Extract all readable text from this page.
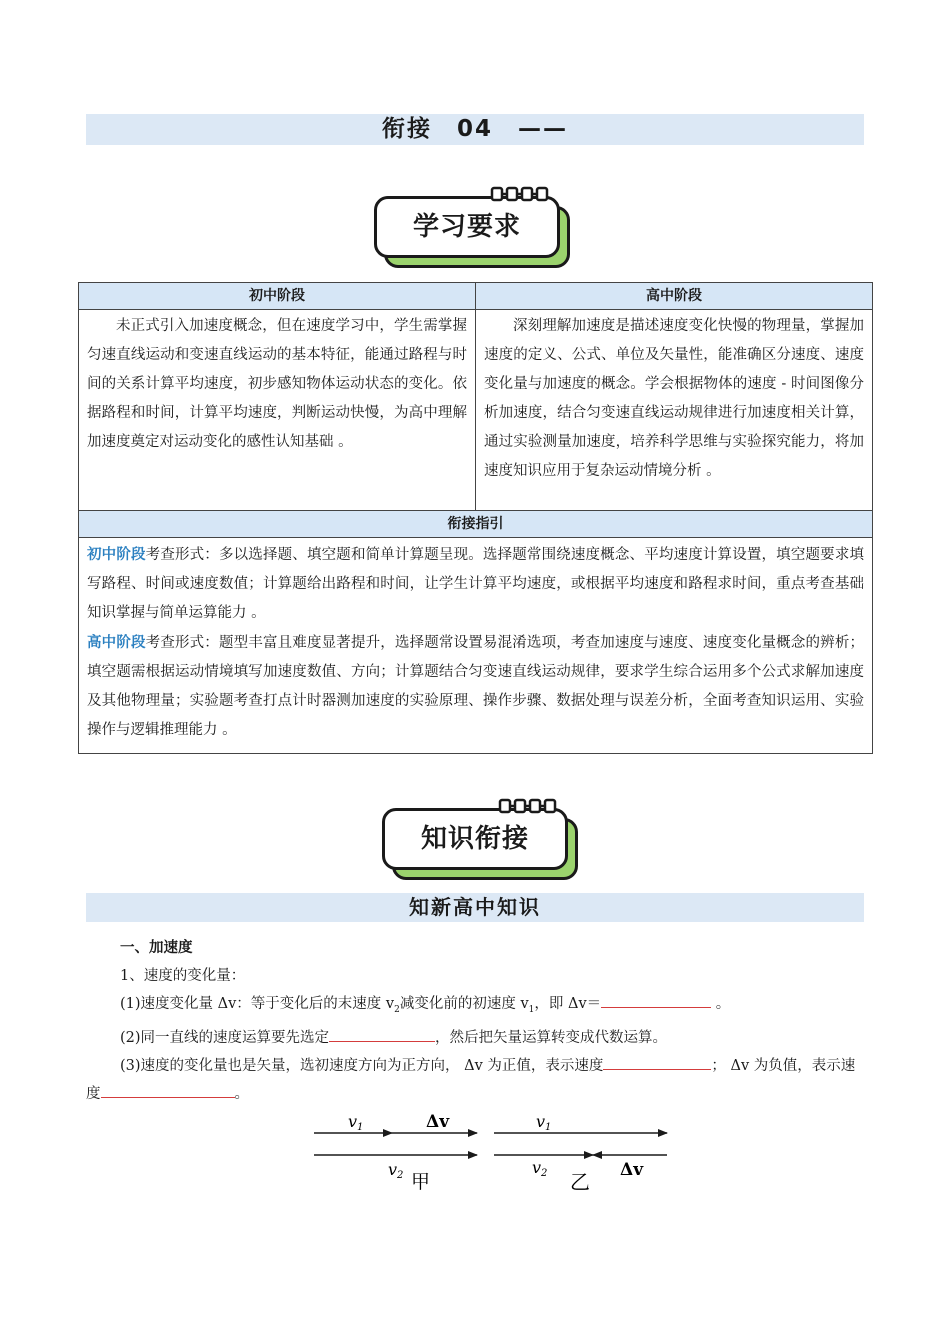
衔接　04　——
学习要求
初中阶段	高中阶段
未正式引入加速度概念，但在速度学习中，学生需掌握匀速直线运动和变速直线运动的基本特征，能通过路程与时间的关系计算平均速度，初步感知物体运动状态的变化。依据路程和时间，计算平均速度，判断运动快慢，为高中理解加速度奠定对运动变化的感性认知基础 。	深刻理解加速度是描述速度变化快慢的物理量，掌握加速度的定义、公式、单位及矢量性，能准确区分速度、速度变化量与加速度的概念。学会根据物体的速度 - 时间图像分析加速度，结合匀变速直线运动规律进行加速度相关计算，通过实验测量加速度，培养科学思维与实验探究能力，将加速度知识应用于复杂运动情境分析 。
衔接指引	

初中阶段考查形式：多以选择题、填空题和简单计算题呈现。选择题常围绕速度概念、平均速度计算设置，填空题要求填写路程、时间或速度数值；计算题给出路程和时间，让学生计算平均速度，或根据平均速度和路程求时间，重点考查基础知识掌握与简单运算能力 。
高中阶段考查形式：题型丰富且难度显著提升，选择题常设置易混淆选项，考查加速度与速度、速度变化量概念的辨析；填空题需根据运动情境填写加速度数值、方向；计算题结合匀变速直线运动规律，要求学生综合运用多个公式求解加速度及其他物理量；实验题考查打点计时器测加速度的实验原理、操作步骤、数据处理与误差分析，全面考查知识运用、实验操作与逻辑推理能力 。	
知识衔接
知新高中知识
一、加速度
1、速度的变化量：
(1)速度变化量 Δv：等于变化后的末速度 $v_2$减变化前的初速度 $v_1$，即 Δv＝	。
(2)同一直线的速度运算要先选定	，然后把矢量运算转变成代数运算。
(3)速度的变化量也是矢量，选初速度方向为正方向， Δv 为正值，表示速度	； Δv 为负值，表示速度	。
v1	Δv
v2 甲
v1
v2 乙 Δv
